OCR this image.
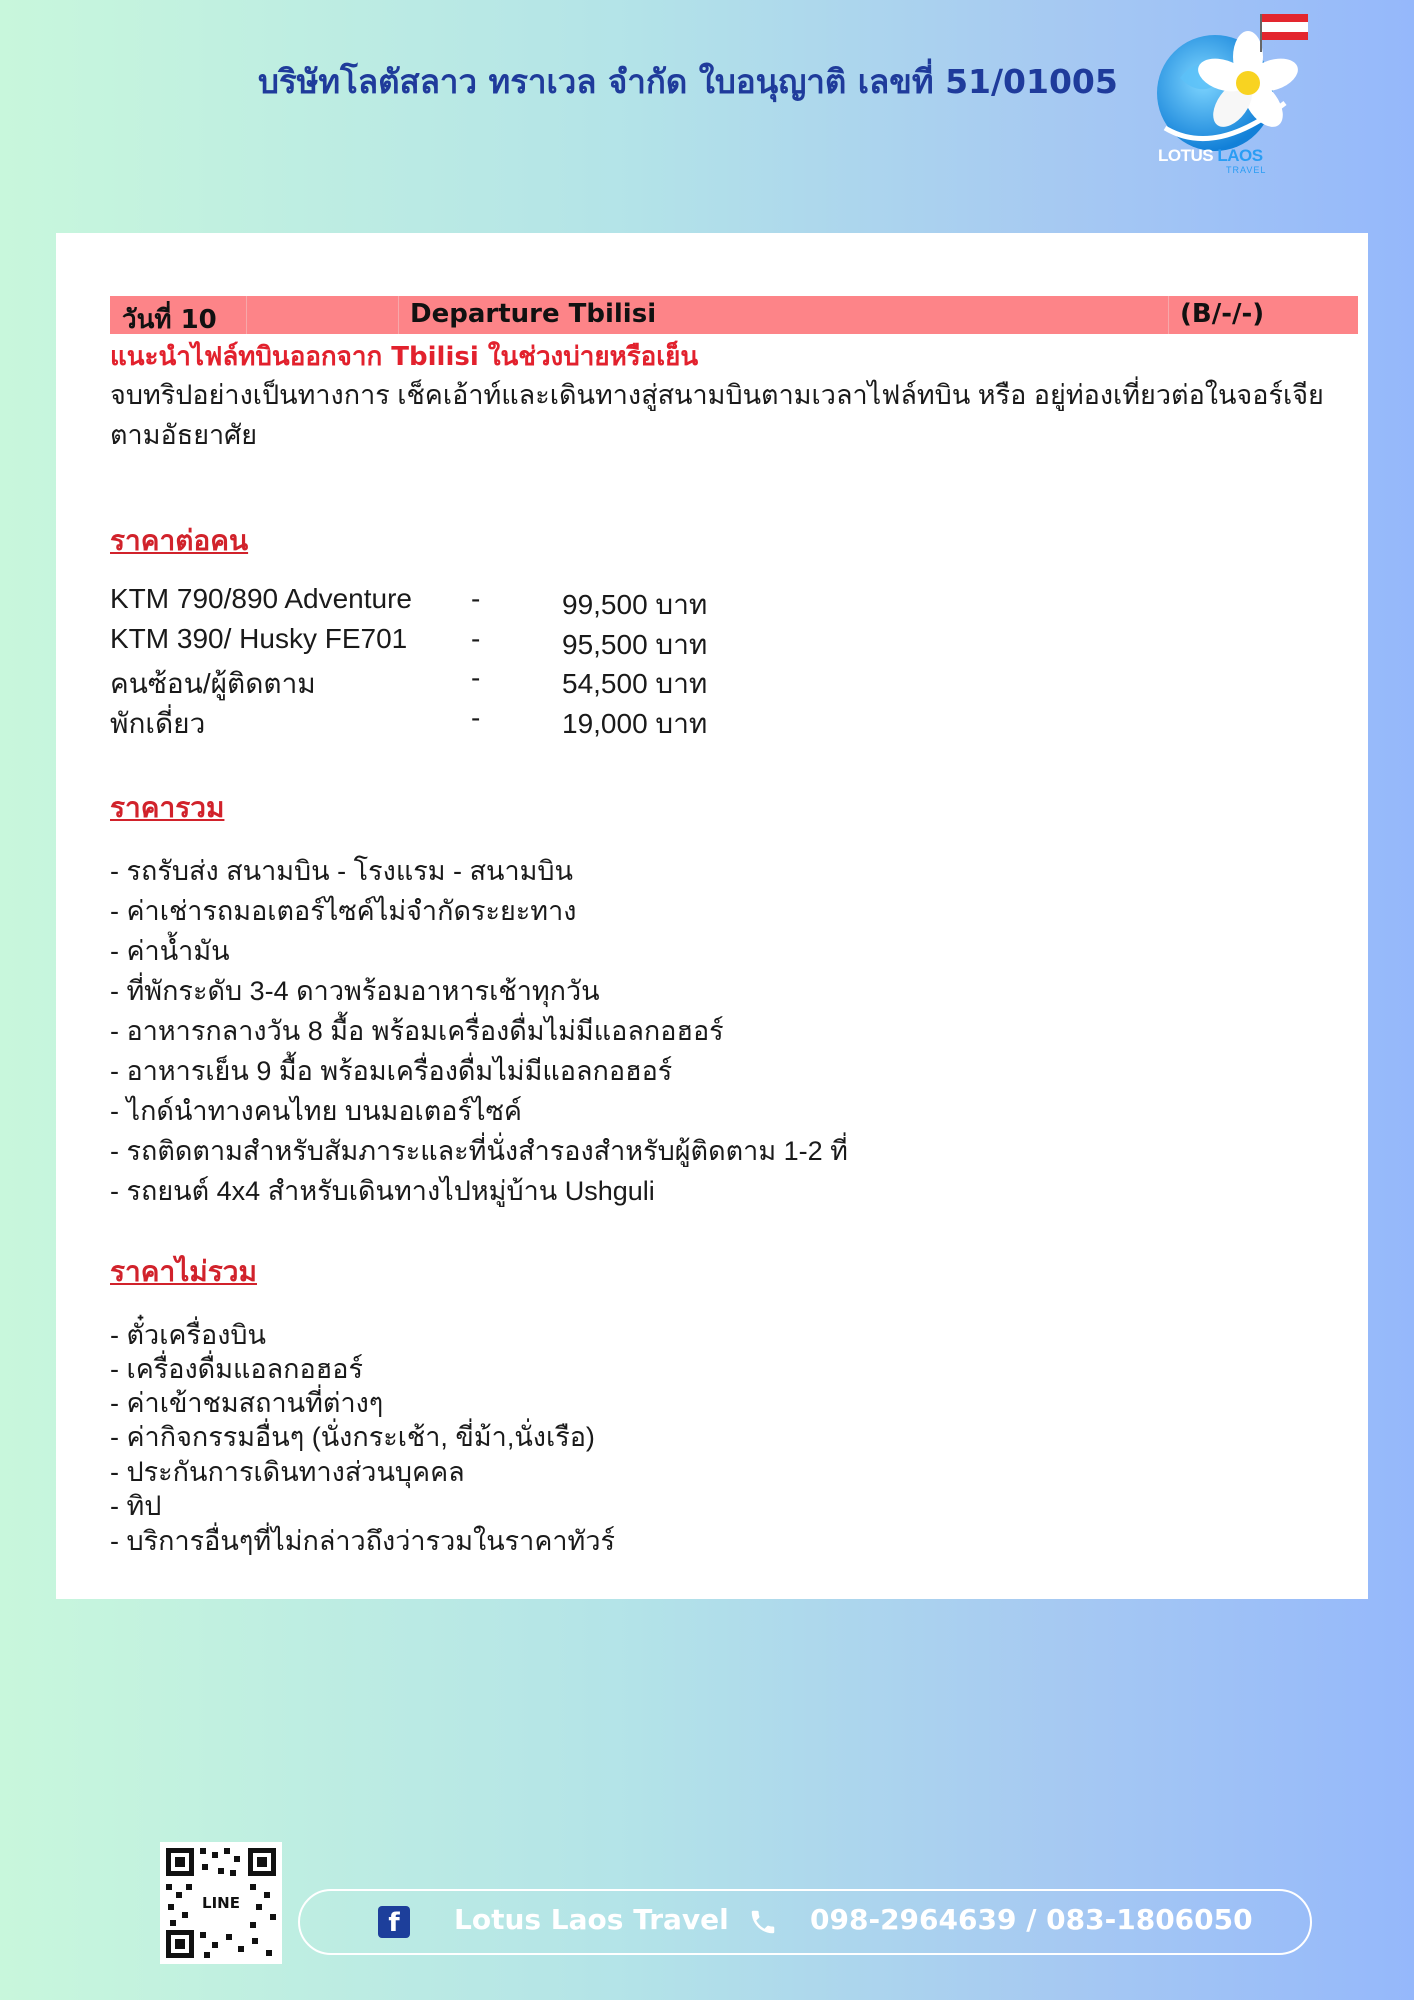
บริษัทโลตัสลาว ทราเวล จำกัด ใบอนุญาติ เลขที่ 51/01005
LOTUS LAOS
TRAVEL
วันที่ 10	Departure Tbilisi	(B/-/-)
แนะนำไฟล์ทบินออกจาก Tbilisi ในช่วงบ่ายหรือเย็น
จบทริปอย่างเป็นทางการ เช็คเอ้าท์และเดินทางสู่สนามบินตามเวลาไฟล์ทบิน หรือ อยู่ท่องเที่ยวต่อในจอร์เจีย
ตามอัธยาศัย
ราคาต่อคน
KTM 790/890 Adventure -	99,500 บาท
KTM 390/ Husky FE701 -	95,500 บาท
คนซ้อน/ผู้ติดตาม	-	54,500 บาท
พักเดี่ยว	-	19,000 บาท
ราคารวม
- รถรับส่ง สนามบิน - โรงแรม - สนามบิน
- ค่าเช่ารถมอเตอร์ไซค์ไม่จำกัดระยะทาง
- ค่าน้ำมัน
- ที่พักระดับ 3-4 ดาวพร้อมอาหารเช้าทุกวัน
- อาหารกลางวัน 8 มื้อ พร้อมเครื่องดื่มไม่มีแอลกอฮอร์
- อาหารเย็น 9 มื้อ พร้อมเครื่องดื่มไม่มีแอลกอฮอร์
- ไกด์นำทางคนไทย บนมอเตอร์ไซค์
- รถติดตามสำหรับสัมภาระและที่นั่งสำรองสำหรับผู้ติดตาม 1-2 ที่
- รถยนต์ 4x4 สำหรับเดินทางไปหมู่บ้าน Ushguli
ราคาไม่รวม
- ตั๋วเครื่องบิน
- เครื่องดื่มแอลกอฮอร์
- ค่าเข้าชมสถานที่ต่างๆ
- ค่ากิจกรรมอื่นๆ (นั่งกระเช้า, ขี่ม้า,นั่งเรือ)
- ประกันการเดินทางส่วนบุคคล
- ทิป
- บริการอื่นๆที่ไม่กล่าวถึงว่ารวมในราคาทัวร์
LINE
f	Lotus Laos Travel	098-2964639 / 083-1806050
